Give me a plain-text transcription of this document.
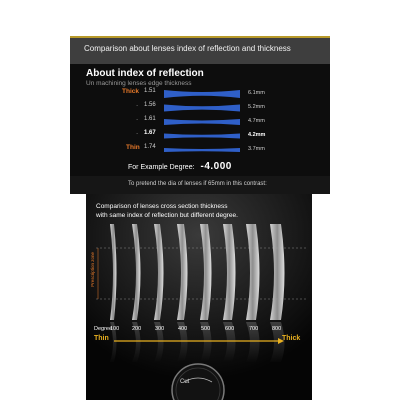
Comparison about lenses index of reflection and thickness
About index of reflection
Un machining lenses edge thickness
Thick 1.51	6.1mm
· 1.56	5.2mm
· 1.61	4.7mm
· 1.67	4.2mm
Thin 1.74	3.7mm
For Example Degree: -4.000
To pretend the dia of lenses if 65mm in this contrast:
Comparison of lenses cross section thickness
with same index of reflection but different degree.
Prescription zone
Degree
100 200	300	400	500	600	700	800
Thin	Thick
Cut
